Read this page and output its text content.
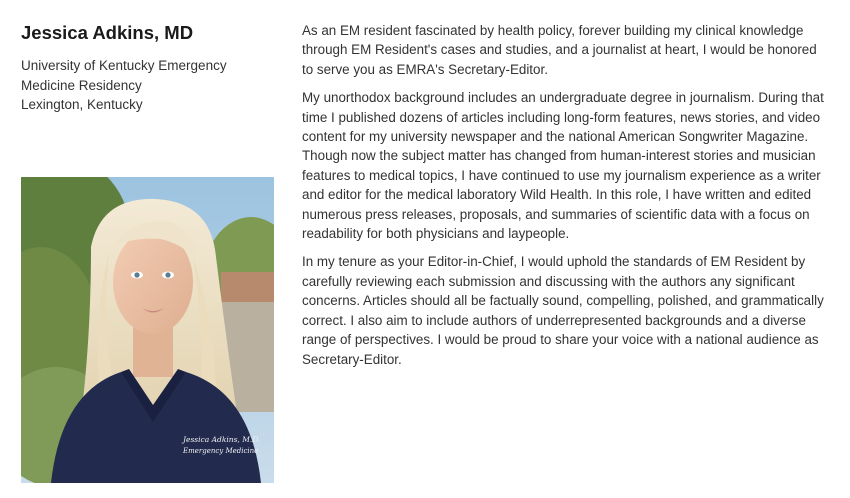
Jessica Adkins, MD
University of Kentucky Emergency
Medicine Residency
Lexington, Kentucky
Jessica Adkins, M.D.
Emergency Medicine

As an EM resident fascinated by health policy, forever building my clinical knowledge through EM Resident's cases and studies, and a journalist at heart, I would be honored to serve you as EMRA's Secretary-Editor.

My unorthodox background includes an undergraduate degree in journalism. During that time I published dozens of articles including long-form features, news stories, and video content for my university newspaper and the national American Songwriter Magazine. Though now the subject matter has changed from human-interest stories and musician features to medical topics, I have continued to use my journalism experience as a writer and editor for the medical laboratory Wild Health. In this role, I have written and edited numerous press releases, proposals, and summaries of scientific data with a focus on readability for both physicians and laypeople.

In my tenure as your Editor-in-Chief, I would uphold the standards of EM Resident by carefully reviewing each submission and discussing with the authors any significant concerns. Articles should all be factually sound, compelling, polished, and grammatically correct. I also aim to include authors of underrepresented backgrounds and a diverse range of perspectives. I would be proud to share your voice with a national audience as Secretary-Editor.
